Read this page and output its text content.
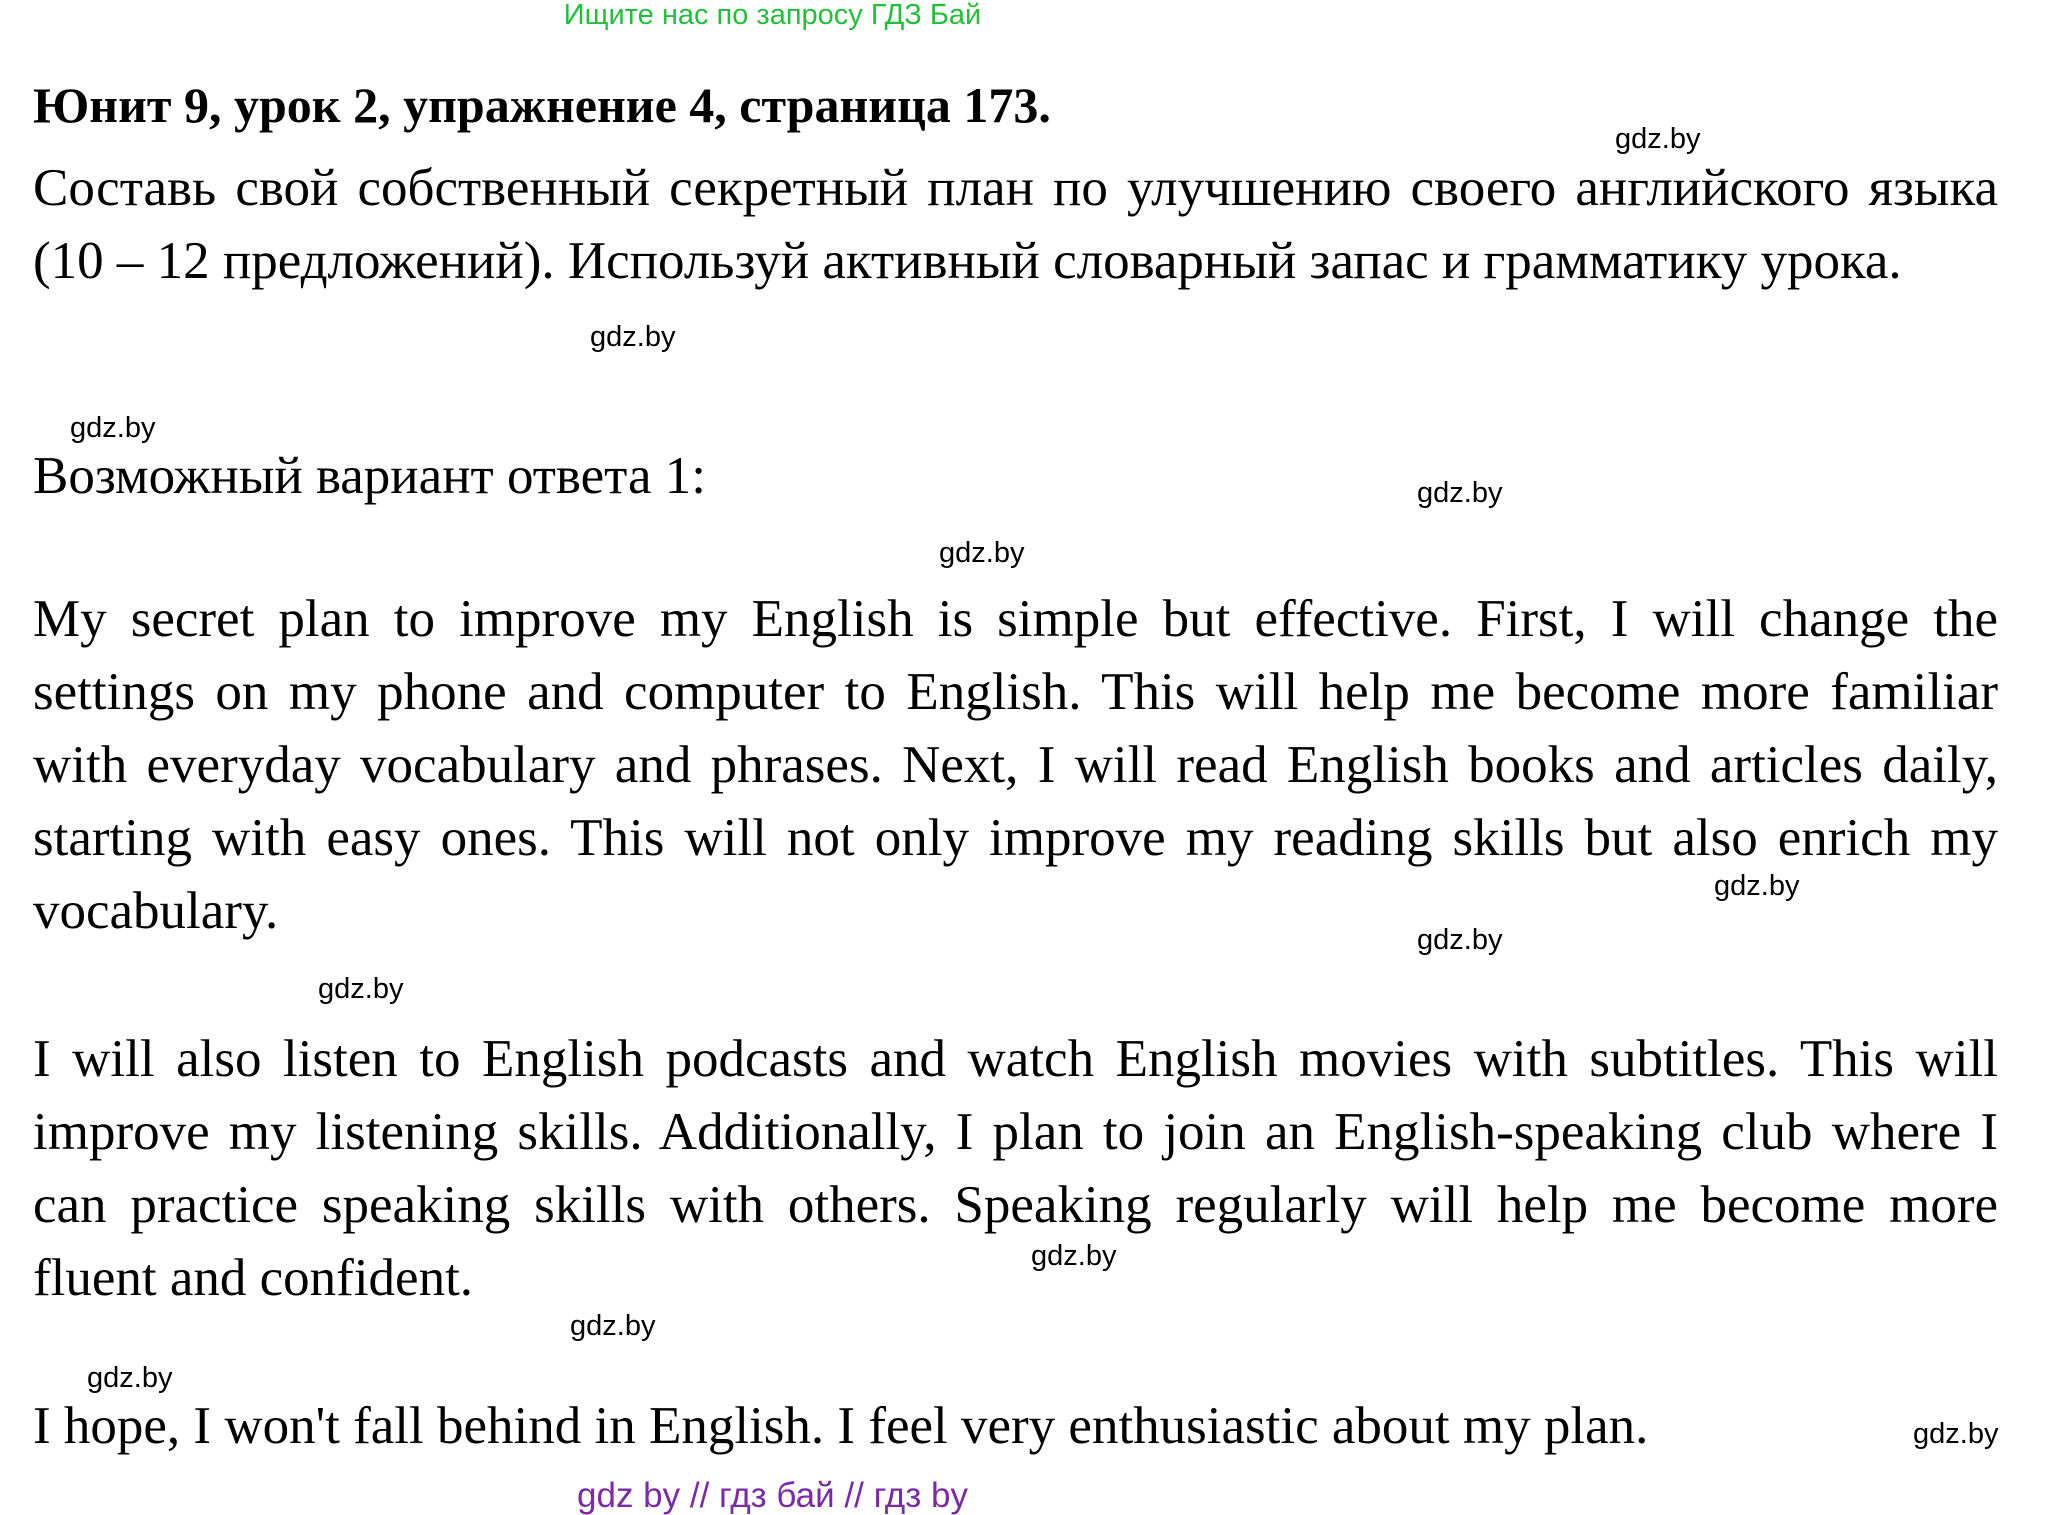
Ищите нас по запросу ГДЗ Бай
Юнит 9, урок 2, упражнение 4, страница 173.

Составь свой собственный секретный план по улучшению своего английского языка (10 – 12 предложений). Используй активный словарный запас и грамматику урока.

Возможный вариант ответа 1:

My secret plan to improve my English is simple but effective. First, I will change the settings on my phone and computer to English. This will help me become more familiar with everyday vocabulary and phrases. Next, I will read English books and articles daily, starting with easy ones. This will not only improve my reading skills but also enrich my vocabulary.

I will also listen to English podcasts and watch English movies with subtitles. This will improve my listening skills. Additionally, I plan to join an English-speaking club where I can practice speaking skills with others. Speaking regularly will help me become more fluent and confident.

I hope, I won't fall behind in English. I feel very enthusiastic about my plan.

gdz.by
gdz.by
gdz.by
gdz.by
gdz.by
gdz.by
gdz.by
gdz.by
gdz.by
gdz.by
gdz.by
gdz.by
gdz by // гдз бай // гдз by
